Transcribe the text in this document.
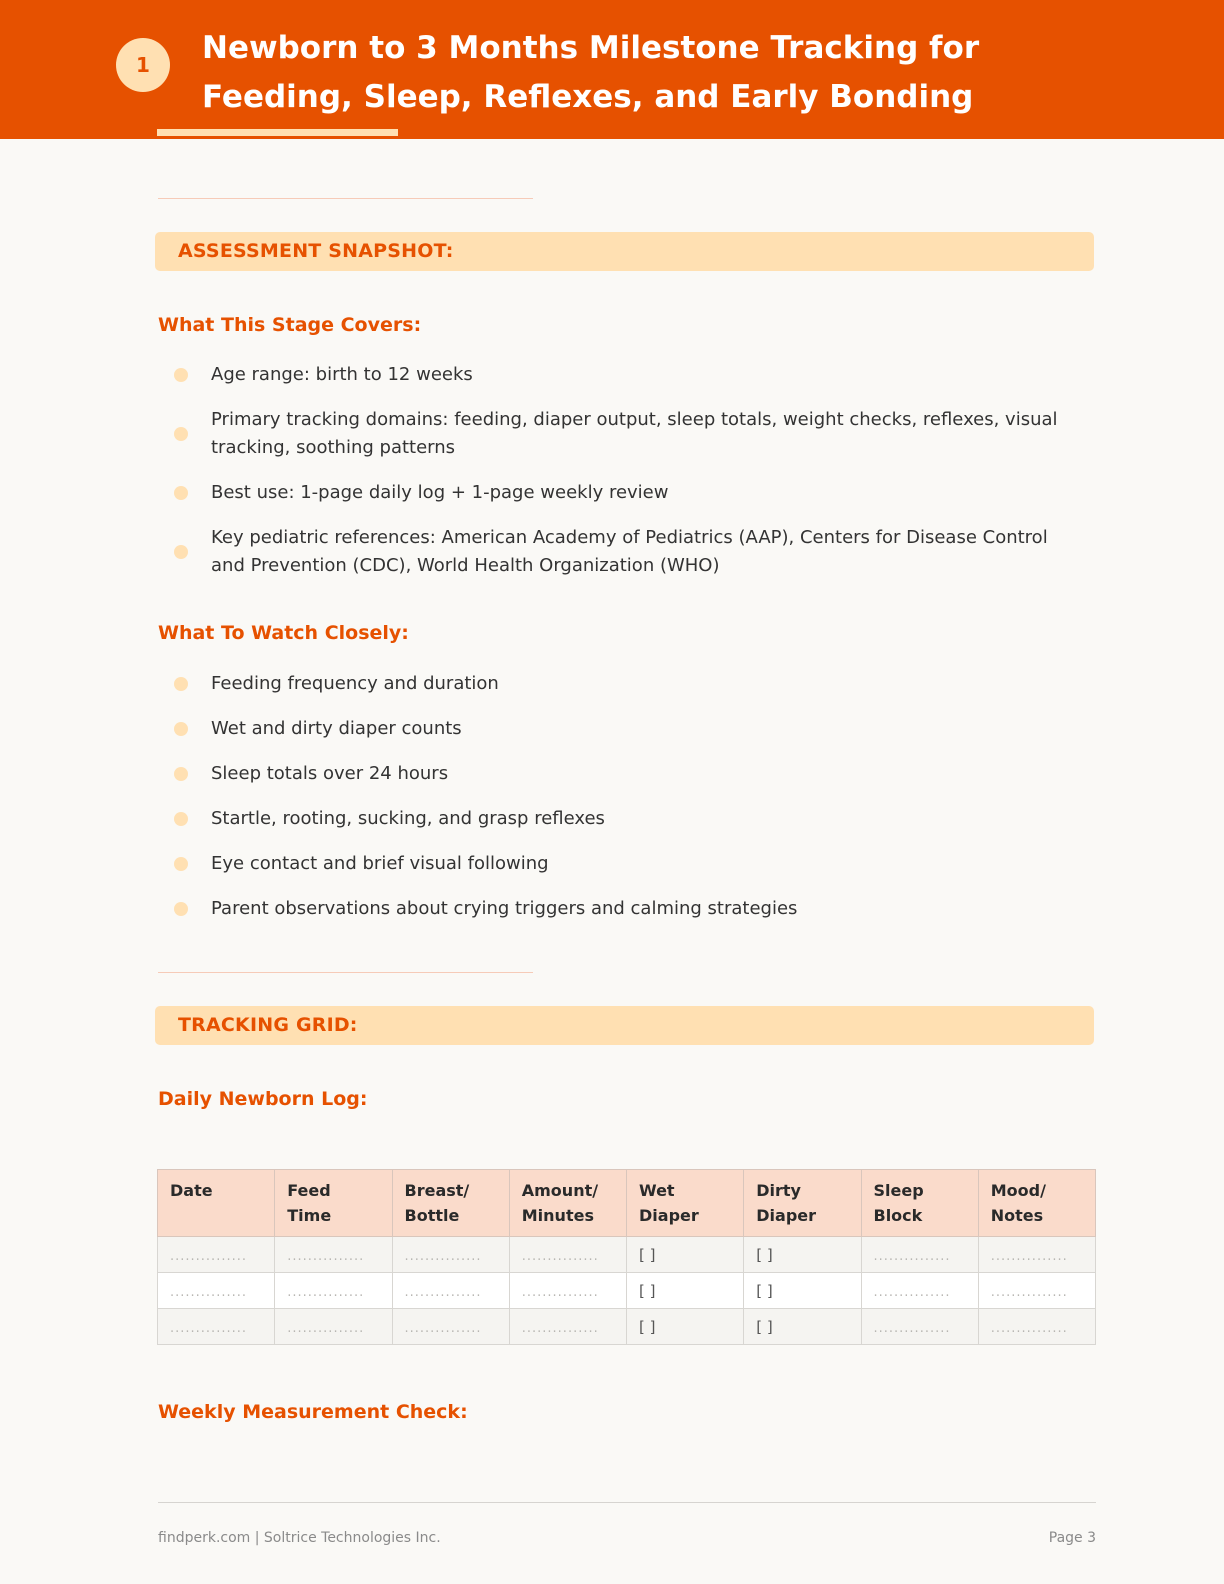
1	Newborn to 3 Months Milestone Tracking for Feeding, Sleep, Reflexes, and Early Bonding
ASSESSMENT SNAPSHOT:
What This Stage Covers:
Age range: birth to 12 weeks
Primary tracking domains: feeding, diaper output, sleep totals, weight checks, reflexes, visual tracking, soothing patterns
Best use: 1-page daily log + 1-page weekly review
Key pediatric references: American Academy of Pediatrics (AAP), Centers for Disease Control and Prevention (CDC), World Health Organization (WHO)
What To Watch Closely:
Feeding frequency and duration
Wet and dirty diaper counts
Sleep totals over 24 hours
Startle, rooting, sucking, and grasp reflexes
Eye contact and brief visual following
Parent observations about crying triggers and calming strategies
TRACKING GRID:
Daily Newborn Log:
Date	Feed Time	Breast/ Bottle	Amount/ Minutes	Wet Diaper	Dirty Diaper	Sleep Block	Mood/ Notes
...............	...............	...............	...............	[ ]	[ ]	...............	...............
...............	...............	...............	...............	[ ]	[ ]	...............	...............
...............	...............	...............	...............	[ ]	[ ]	...............	...............
Weekly Measurement Check:
findperk.com | Soltrice Technologies Inc.	Page 3
